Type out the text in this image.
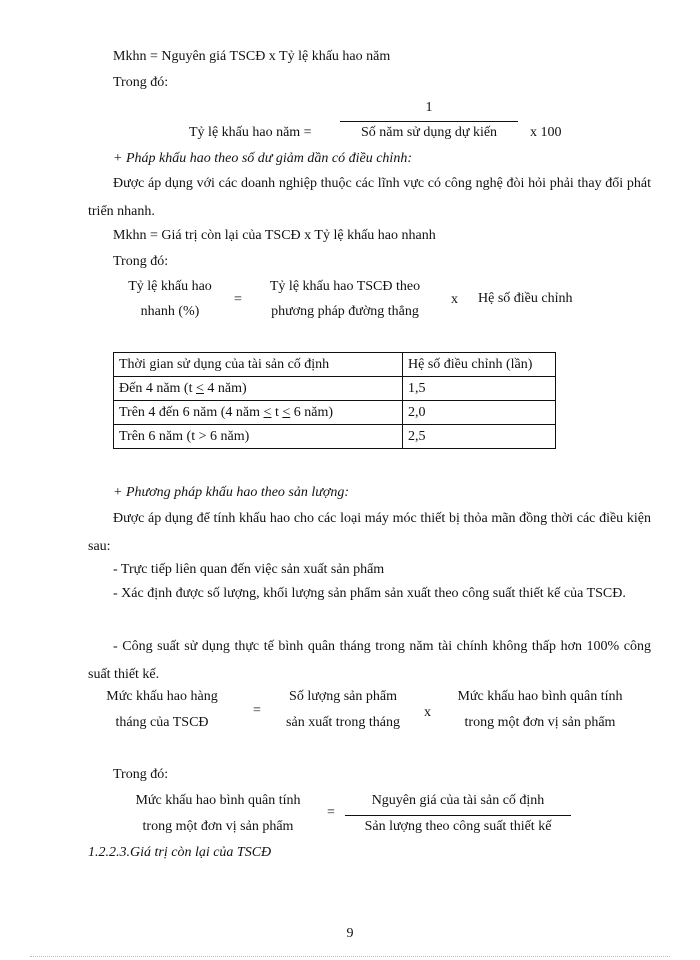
Mkhn = Nguyên giá TSCĐ x Tỷ lệ khấu hao năm
Trong đó:
Tỷ lệ khấu hao năm =
1
Số năm sử dụng dự kiến	x 100
+ Pháp khấu hao theo số dư giảm dần có điều chỉnh:
Được áp dụng với các doanh nghiệp thuộc các lĩnh vực có công nghệ đòi hỏi phải thay đổi phát triển nhanh.
Mkhn = Giá trị còn lại của TSCĐ x Tỷ lệ khấu hao nhanh
Trong đó:
Tỷ lệ khấu hao
nhanh (%)
=
Tỷ lệ khấu hao TSCĐ theo
phương pháp đường thẳng
x Hệ số điều chỉnh
Thời gian sử dụng của tài sản cố định	Hệ số điều chỉnh (lần)
Đến 4 năm (t < 4 năm)	1,5
Trên 4 đến 6 năm (4 năm < t < 6 năm)	2,0
Trên 6 năm (t > 6 năm)	2,5
+ Phương pháp khấu hao theo sản lượng:
Được áp dụng để tính khấu hao cho các loại máy móc thiết bị thỏa mãn đồng thời các điều kiện sau:
- Trực tiếp liên quan đến việc sản xuất sản phẩm
- Xác định được số lượng, khối lượng sản phẩm sản xuất theo công suất thiết kế của TSCĐ.
- Công suất sử dụng thực tế bình quân tháng trong năm tài chính không thấp hơn 100% công suất thiết kế.
Mức khấu hao hàng
tháng của TSCĐ
=
Số lượng sản phẩm
sản xuất trong tháng
x
Mức khấu hao bình quân tính
trong một đơn vị sản phẩm
Trong đó:
Mức khấu hao bình quân tính
trong một đơn vị sản phẩm
=
Nguyên giá của tài sản cố định
Sản lượng theo công suất thiết kế
1.2.2.3.Giá trị còn lại của TSCĐ
9
